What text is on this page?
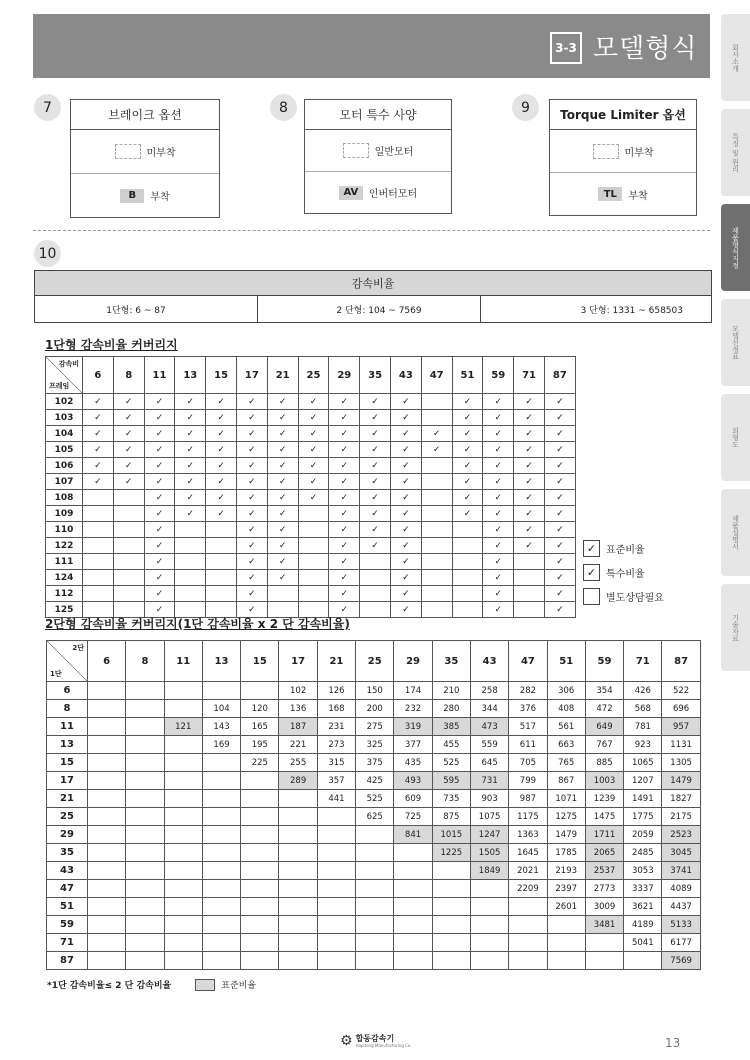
3-3 모델형식	회사소개
특징 및 원리
제품형식지정
모델선정표
외형도
제품설명서
기술자료
7	브레이크 옵션
미부착
B	부착
8	모터 특수 사양
일반모터
AV	인버터모터
9	Torque Limiter 옵션
미부착
TL	부착
10
감속비율
1단형: 6 ~ 87	2 단형: 104 ~ 7569	3 단형: 1331 ~ 658503
1단형 감속비율 커버리지
감속비
프레임	6	8	11	13	15	17	21	25	29	35	43	47	51	59	71	87
102	✓	✓	✓	✓	✓	✓	✓	✓	✓	✓	✓		✓	✓	✓	✓
103	✓	✓	✓	✓	✓	✓	✓	✓	✓	✓	✓		✓	✓	✓	✓
104	✓	✓	✓	✓	✓	✓	✓	✓	✓	✓	✓	✓	✓	✓	✓	✓
105	✓	✓	✓	✓	✓	✓	✓	✓	✓	✓	✓	✓	✓	✓	✓	✓
106	✓	✓	✓	✓	✓	✓	✓	✓	✓	✓	✓		✓	✓	✓	✓
107	✓	✓	✓	✓	✓	✓	✓	✓	✓	✓	✓		✓	✓	✓	✓
108			✓	✓	✓	✓	✓	✓	✓	✓	✓		✓	✓	✓	✓
109			✓	✓	✓	✓	✓		✓	✓	✓		✓	✓	✓	✓
110			✓			✓	✓		✓	✓	✓			✓	✓	✓
122			✓			✓	✓		✓	✓	✓			✓	✓	✓
111			✓			✓	✓		✓		✓			✓		✓
124			✓			✓	✓		✓		✓			✓		✓
112			✓			✓			✓		✓			✓		✓
125			✓			✓			✓		✓			✓		✓
✓ 표준비율
✓ 특수비율
별도상담필요
2단형 감속비율 커버리지(1단 감속비율 x 2 단 감속비율)
2단
1단	6	8	11	13	15	17	21	25	29	35	43	47	51	59	71	87
6						102	126	150	174	210	258	282	306	354	426	522
8				104	120	136	168	200	232	280	344	376	408	472	568	696
11			121	143	165	187	231	275	319	385	473	517	561	649	781	957
13				169	195	221	273	325	377	455	559	611	663	767	923	1131
15					225	255	315	375	435	525	645	705	765	885	1065	1305
17						289	357	425	493	595	731	799	867	1003	1207	1479
21							441	525	609	735	903	987	1071	1239	1491	1827
25								625	725	875	1075	1175	1275	1475	1775	2175
29									841	1015	1247	1363	1479	1711	2059	2523
35										1225	1505	1645	1785	2065	2485	3045
43											1849	2021	2193	2537	3053	3741
47												2209	2397	2773	3337	4089
51													2601	3009	3621	4437
59														3481	4189	5133
71															5041	6177
87																7569
*1단 감속비율≤ 2 단 감속비율	표준비율
⚙ 합동감속기
Hapdong Manufacturing Co.	13
